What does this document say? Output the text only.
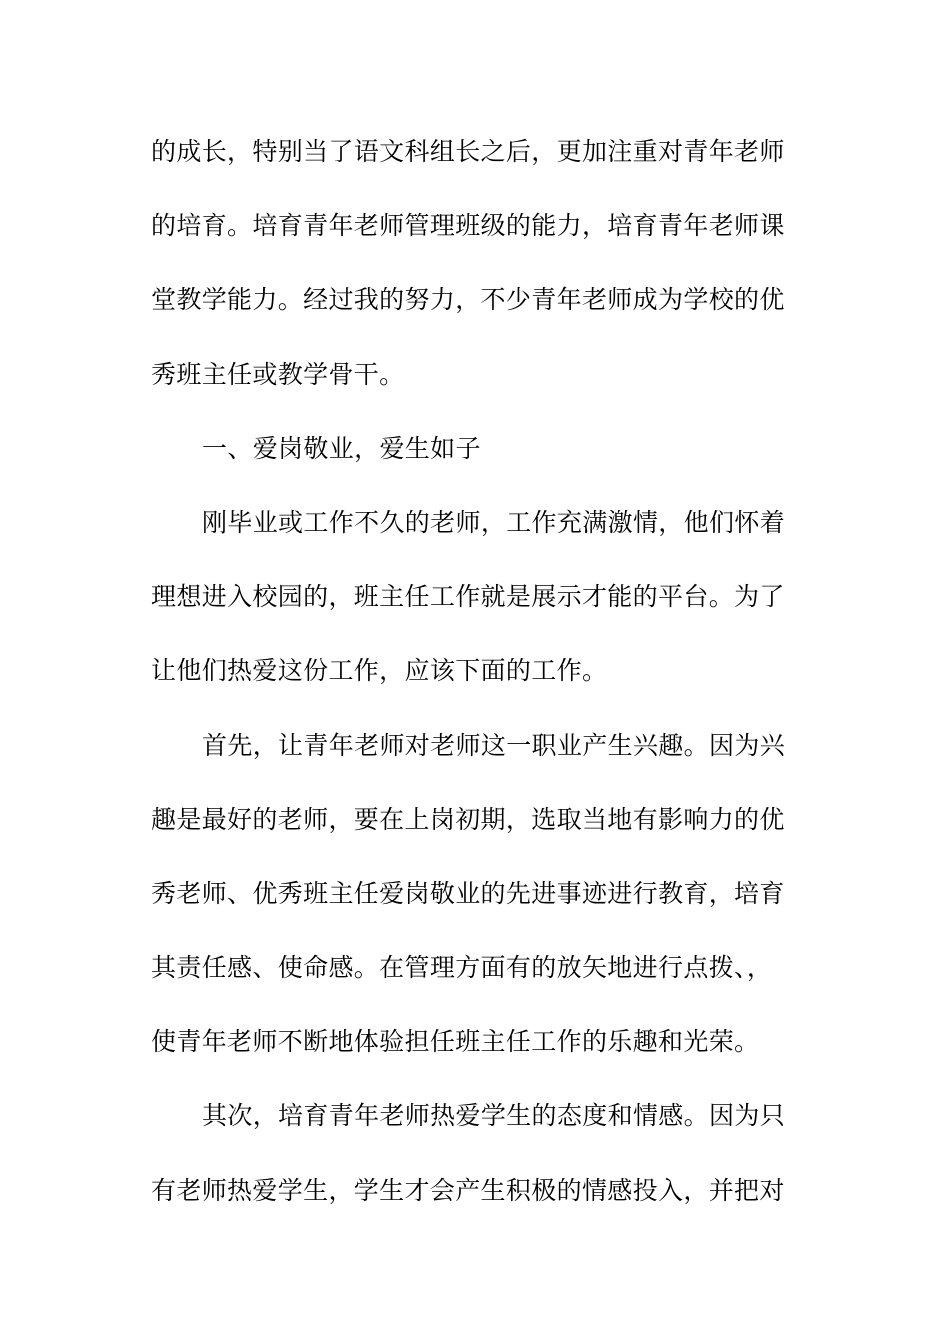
的成长，特别当了语文科组长之后，更加注重对青年老师
的培育。培育青年老师管理班级的能力，培育青年老师课
堂教学能力。经过我的努力，不少青年老师成为学校的优
秀班主任或教学骨干。
一、爱岗敬业，爱生如子
刚毕业或工作不久的老师，工作充满激情，他们怀着
理想进入校园的，班主任工作就是展示才能的平台。为了
让他们热爱这份工作，应该下面的工作。
首先，让青年老师对老师这一职业产生兴趣。因为兴
趣是最好的老师，要在上岗初期，选取当地有影响力的优
秀老师、优秀班主任爱岗敬业的先进事迹进行教育，培育
其责任感、使命感。在管理方面有的放矢地进行点拨、，
使青年老师不断地体验担任班主任工作的乐趣和光荣。
其次，培育青年老师热爱学生的态度和情感。因为只
有老师热爱学生，学生才会产生积极的情感投入，并把对
